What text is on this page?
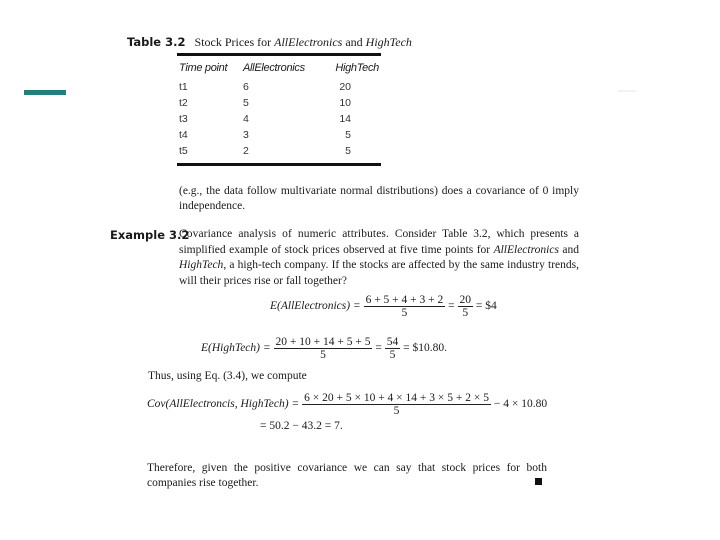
Table 3.2 Stock Prices for AllElectronics and HighTech
Time point	AllElectronics	HighTech
t1	6	20
t2	5	10
t3	4	14
t4	3	5
t5	2	5
(e.g., the data follow multivariate normal distributions) does a covariance of 0 imply independence.
Example 3.2
Covariance analysis of numeric attributes. Consider Table 3.2, which presents a simplified example of stock prices observed at five time points for AllElectronics and HighTech, a high-tech company. If the stocks are affected by the same industry trends, will their prices rise or fall together?
E(AllElectronics) = $\frac{6 + 5 + 4 + 3 + 2}{5} = \frac{20}{5}$ = $4
E(HighTech) = $\frac{20 + 10 + 14 + 5 + 5}{5} = \frac{54}{5}$ = $10.80.
Thus, using Eq. (3.4), we compute
Cov(AllElectroncis, HighTech) = $\frac{6 \times 20 + 5 \times 10 + 4 \times 14 + 3 \times 5 + 2 \times 5}{5} - 4 \times 10.80$
= 50.2 − 43.2 = 7.
Therefore, given the positive covariance we can say that stock prices for both companies rise together.
